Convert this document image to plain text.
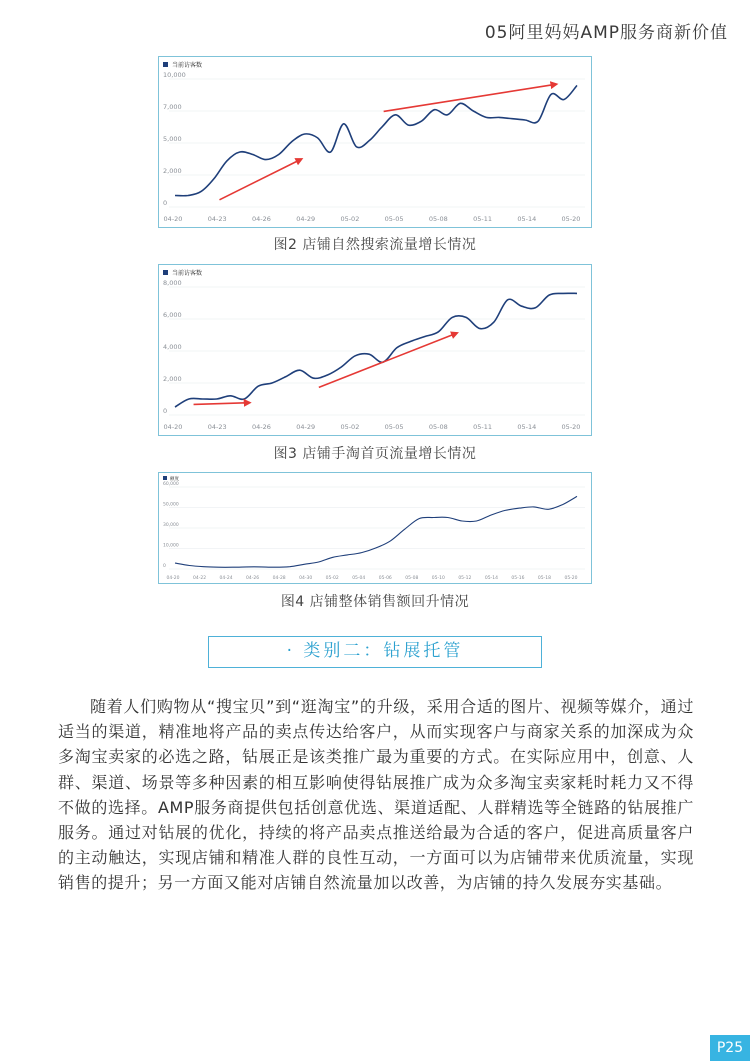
05阿里妈妈AMP服务商新价值
当前访客数
10,000
7,000
5,000
2,000
0
04-20	04-23	04-26	04-29	05-02	05-05	05-08	05-11	05-14	05-20
图2 店铺自然搜索流量增长情况
当前访客数
8,000
6,000
4,000
2,000
0
04-20	04-23	04-26	04-29	05-02	05-05	05-08	05-11	05-14	05-20
图3 店铺手淘首页流量增长情况
额度
60,000
50,000
30,000
10,000
0
04-20	04-22	04-24	04-26	04-28	04-30	05-02	05-04	05-06	05-08	05-10	05-12	05-14	05-16	05-18	05-20
图4 店铺整体销售额回升情况
· 类别二：钻展托管

随着人们购物从“搜宝贝”到“逛淘宝”的升级，采用合适的图片、视频等媒介，通过适当的渠道，精准地将产品的卖点传达给客户，从而实现客户与商家关系的加深成为众多淘宝卖家的必选之路，钻展正是该类推广最为重要的方式。在实际应用中，创意、人群、渠道、场景等多种因素的相互影响使得钻展推广成为众多淘宝卖家耗时耗力又不得不做的选择。AMP服务商提供包括创意优选、渠道适配、人群精选等全链路的钻展推广服务。通过对钻展的优化，持续的将产品卖点推送给最为合适的客户，促进高质量客户的主动触达，实现店铺和精准人群的良性互动，一方面可以为店铺带来优质流量，实现销售的提升；另一方面又能对店铺自然流量加以改善，为店铺的持久发展夯实基础。

P25
